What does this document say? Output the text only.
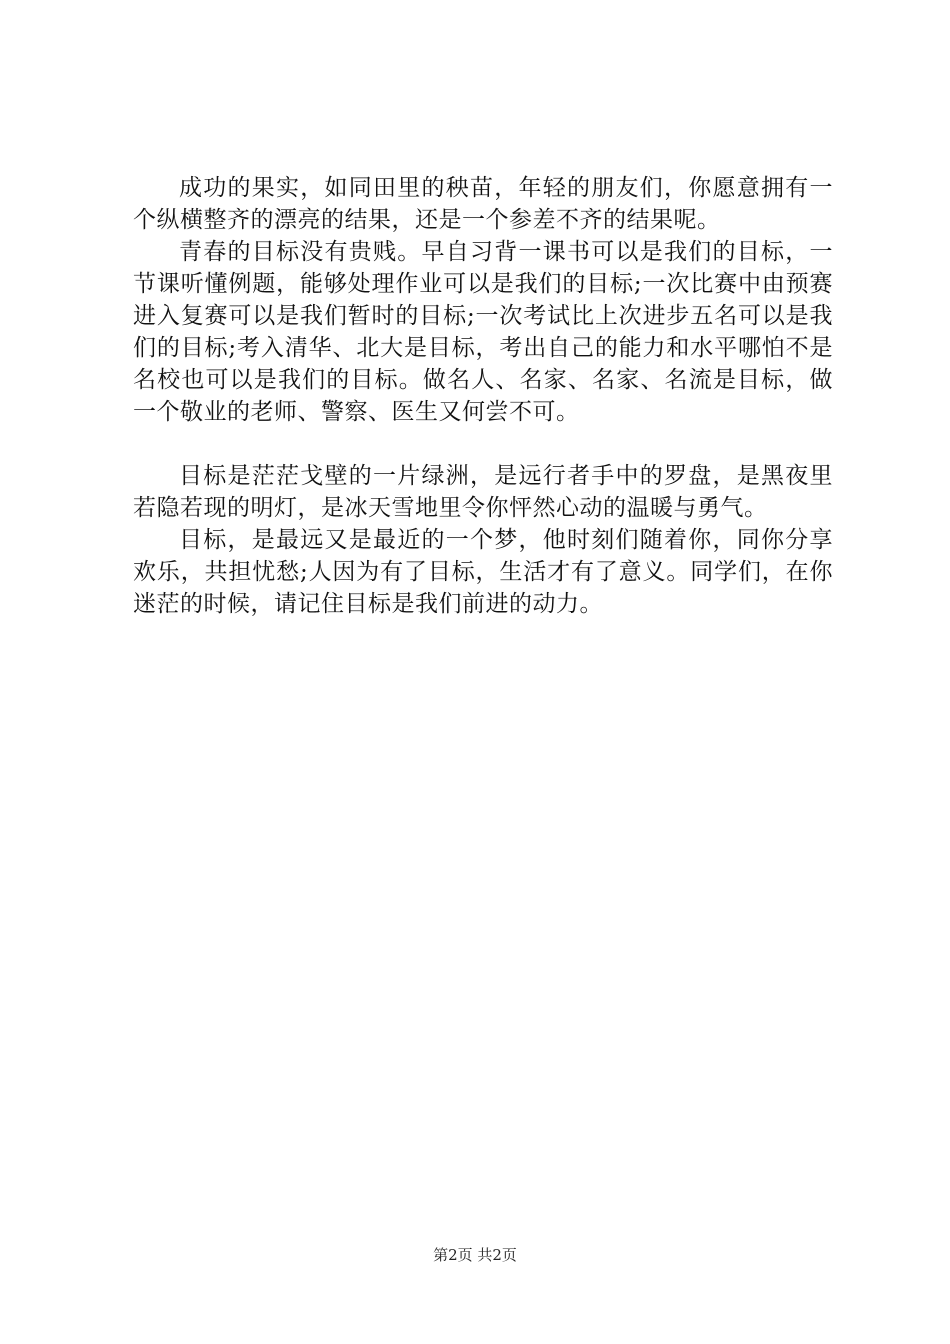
成功的果实，如同田里的秧苗，年轻的朋友们，你愿意拥有一个纵横整齐的漂亮的结果，还是一个参差不齐的结果呢。

青春的目标没有贵贱。早自习背一课书可以是我们的目标，一节课听懂例题，能够处理作业可以是我们的目标;一次比赛中由预赛进入复赛可以是我们暂时的目标;一次考试比上次进步五名可以是我们的目标;考入清华、北大是目标，考出自己的能力和水平哪怕不是名校也可以是我们的目标。做名人、名家、名家、名流是目标，做一个敬业的老师、警察、医生又何尝不可。

目标是茫茫戈壁的一片绿洲，是远行者手中的罗盘，是黑夜里若隐若现的明灯，是冰天雪地里令你怦然心动的温暖与勇气。

目标，是最远又是最近的一个梦，他时刻们随着你，同你分享欢乐，共担忧愁;人因为有了目标，生活才有了意义。同学们，在你迷茫的时候，请记住目标是我们前进的动力。

第2页 共2页
